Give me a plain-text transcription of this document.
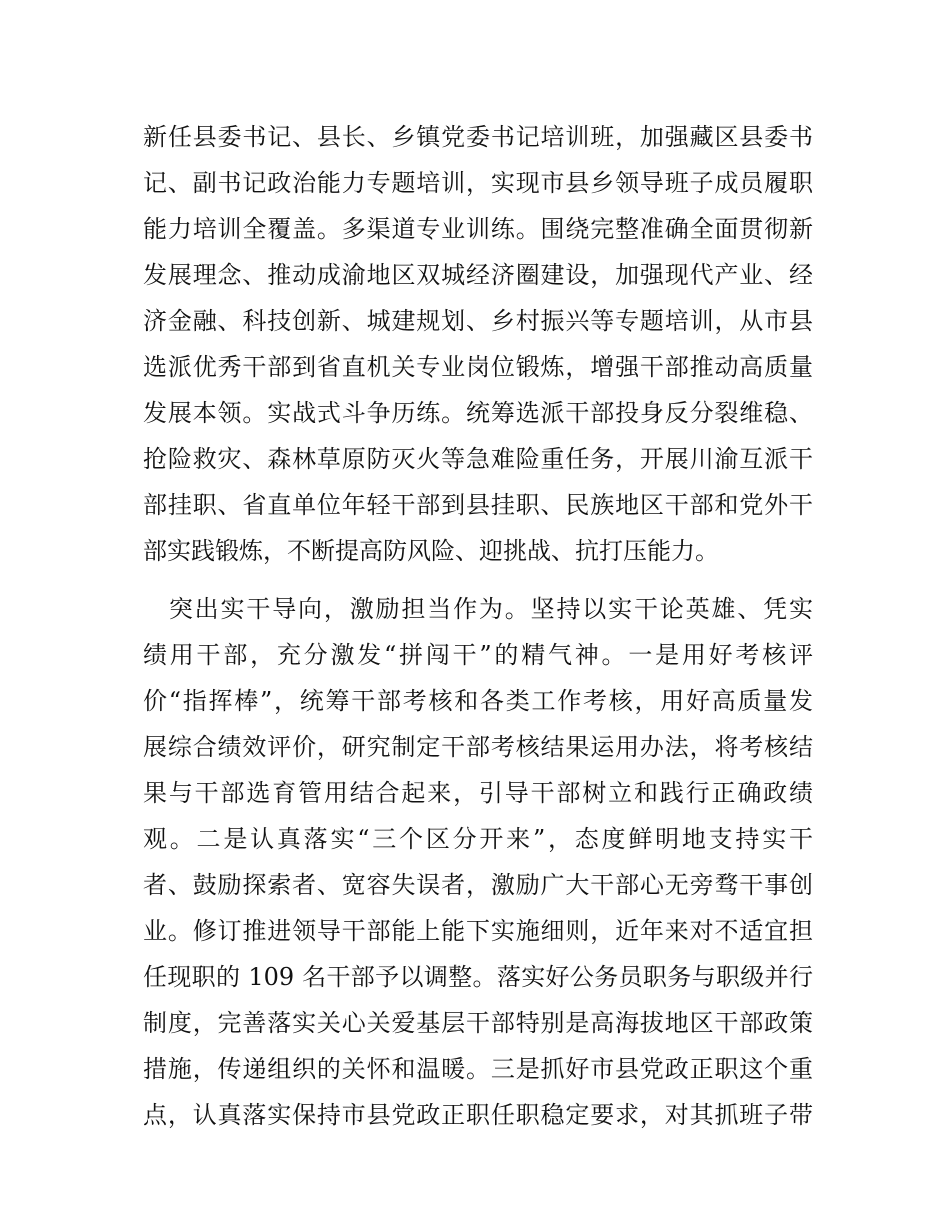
新任县委书记、县长、乡镇党委书记培训班，加强藏区县委书
记、副书记政治能力专题培训，实现市县乡领导班子成员履职
能力培训全覆盖。多渠道专业训练。围绕完整准确全面贯彻新
发展理念、推动成渝地区双城经济圈建设，加强现代产业、经
济金融、科技创新、城建规划、乡村振兴等专题培训，从市县
选派优秀干部到省直机关专业岗位锻炼，增强干部推动高质量
发展本领。实战式斗争历练。统筹选派干部投身反分裂维稳、
抢险救灾、森林草原防灭火等急难险重任务，开展川渝互派干
部挂职、省直单位年轻干部到县挂职、民族地区干部和党外干
部实践锻炼，不断提高防风险、迎挑战、抗打压能力。
　突出实干导向，激励担当作为。坚持以实干论英雄、凭实
绩用干部，充分激发“拼闯干”的精气神。一是用好考核评
价“指挥棒”，统筹干部考核和各类工作考核，用好高质量发
展综合绩效评价，研究制定干部考核结果运用办法，将考核结
果与干部选育管用结合起来，引导干部树立和践行正确政绩
观。二是认真落实“三个区分开来”，态度鲜明地支持实干
者、鼓励探索者、宽容失误者，激励广大干部心无旁骛干事创
业。修订推进领导干部能上能下实施细则，近年来对不适宜担
任现职的 109 名干部予以调整。落实好公务员职务与职级并行
制度，完善落实关心关爱基层干部特别是高海拔地区干部政策
措施，传递组织的关怀和温暖。三是抓好市县党政正职这个重
点，认真落实保持市县党政正职任职稳定要求，对其抓班子带
